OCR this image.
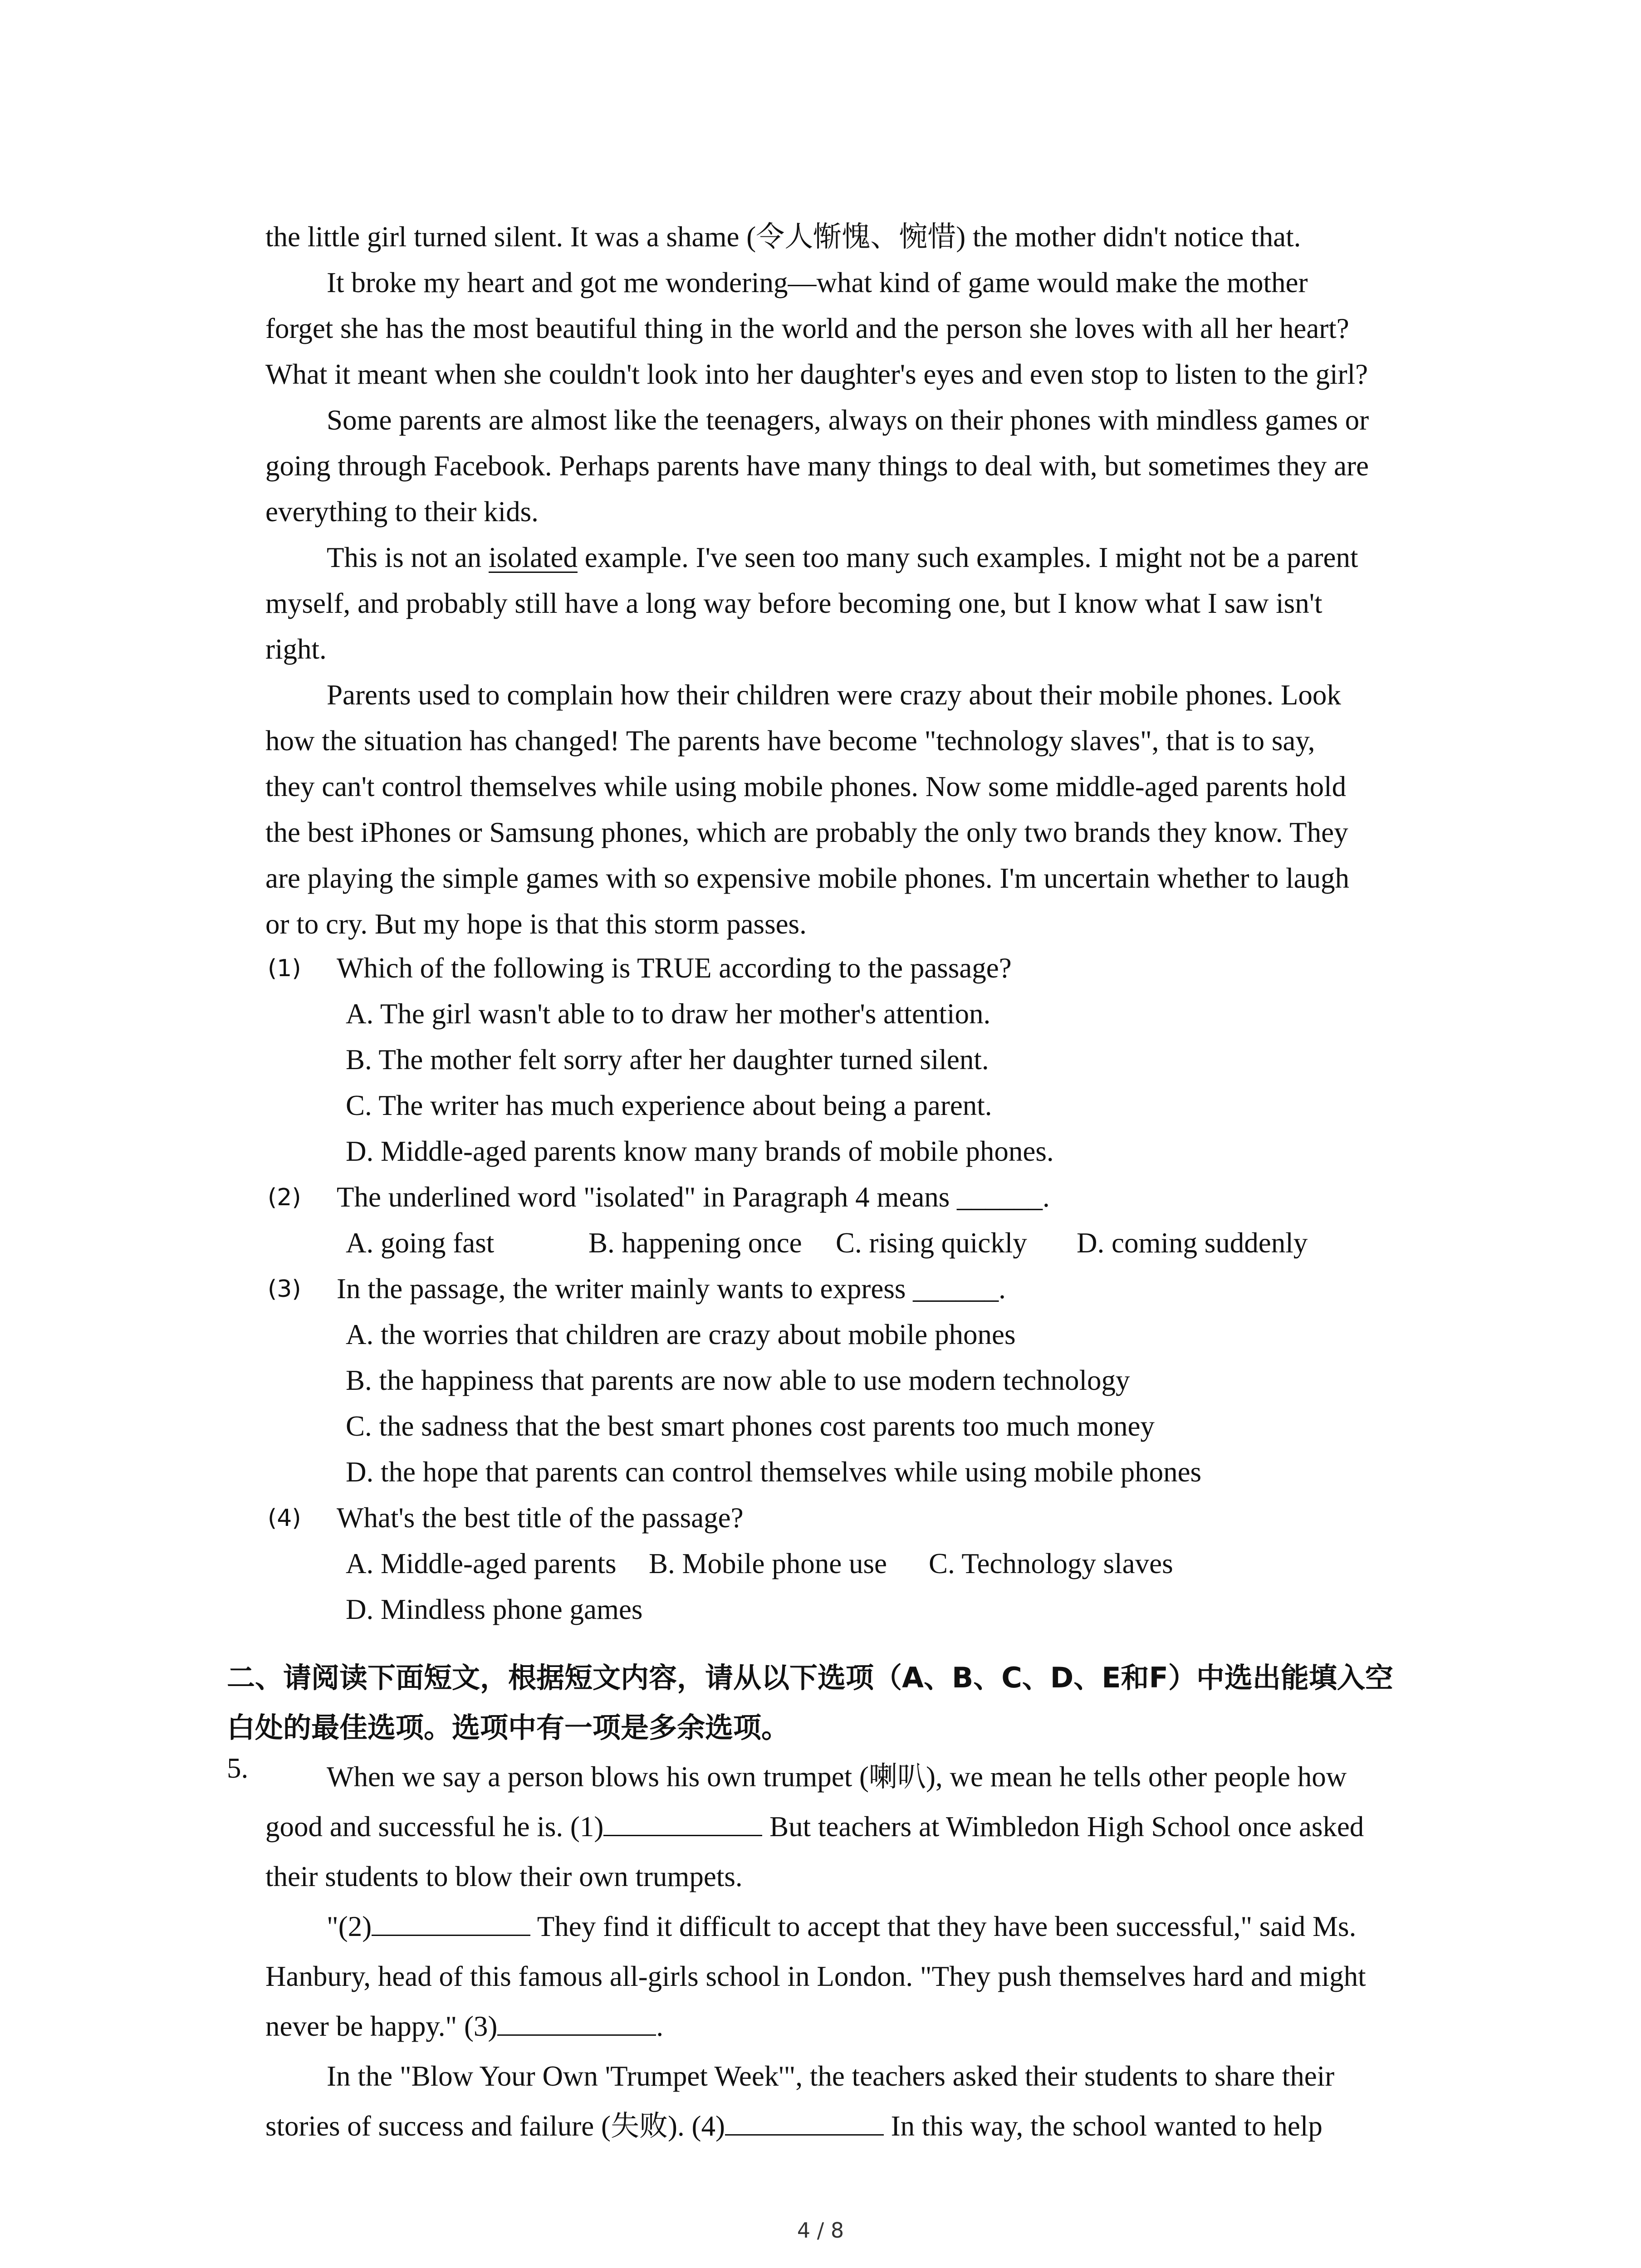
the little girl turned silent. It was a shame (令人惭愧、惋惜) the mother didn't notice that.
It broke my heart and got me wondering—what kind of game would make the mother
forget she has the most beautiful thing in the world and the person she loves with all her heart?
What it meant when she couldn't look into her daughter's eyes and even stop to listen to the girl?
Some parents are almost like the teenagers, always on their phones with mindless games or
going through Facebook. Perhaps parents have many things to deal with, but sometimes they are
everything to their kids.
This is not an isolated example. I've seen too many such examples. I might not be a parent
myself, and probably still have a long way before becoming one, but I know what I saw isn't
right.
Parents used to complain how their children were crazy about their mobile phones. Look
how the situation has changed! The parents have become "technology slaves", that is to say,
they can't control themselves while using mobile phones. Now some middle-aged parents hold
the best iPhones or Samsung phones, which are probably the only two brands they know. They
are playing the simple games with so expensive mobile phones. I'm uncertain whether to laugh
or to cry. But my hope is that this storm passes.
(1) Which of the following is TRUE according to the passage?
A. The girl wasn't able to to draw her mother's attention.
B. The mother felt sorry after her daughter turned silent.
C. The writer has much experience about being a parent.
D. Middle-aged parents know many brands of mobile phones.
(2) The underlined word "isolated" in Paragraph 4 means ______.
A. going fast	B. happening once C. rising quickly D. coming suddenly
(3) In the passage, the writer mainly wants to express ______.
A. the worries that children are crazy about mobile phones
B. the happiness that parents are now able to use modern technology
C. the sadness that the best smart phones cost parents too much money
D. the hope that parents can control themselves while using mobile phones
(4) What's the best title of the passage?
A. Middle-aged parents B. Mobile phone use C. Technology slaves
D. Mindless phone games
二、请阅读下面短文，根据短文内容，请从以下选项（A、B、C、D、E和F）中选出能填入空
白处的最佳选项。选项中有一项是多余选项。
5.	When we say a person blows his own trumpet (喇叭), we mean he tells other people how
good and successful he is. (1)	But teachers at Wimbledon High School once asked
their students to blow their own trumpets.
"(2)	They find it difficult to accept that they have been successful," said Ms.
Hanbury, head of this famous all-girls school in London. "They push themselves hard and might
never be happy." (3)	.
In the "Blow Your Own 'Trumpet Week'", the teachers asked their students to share their
stories of success and failure (失败). (4)	In this way, the school wanted to help
4 / 8
